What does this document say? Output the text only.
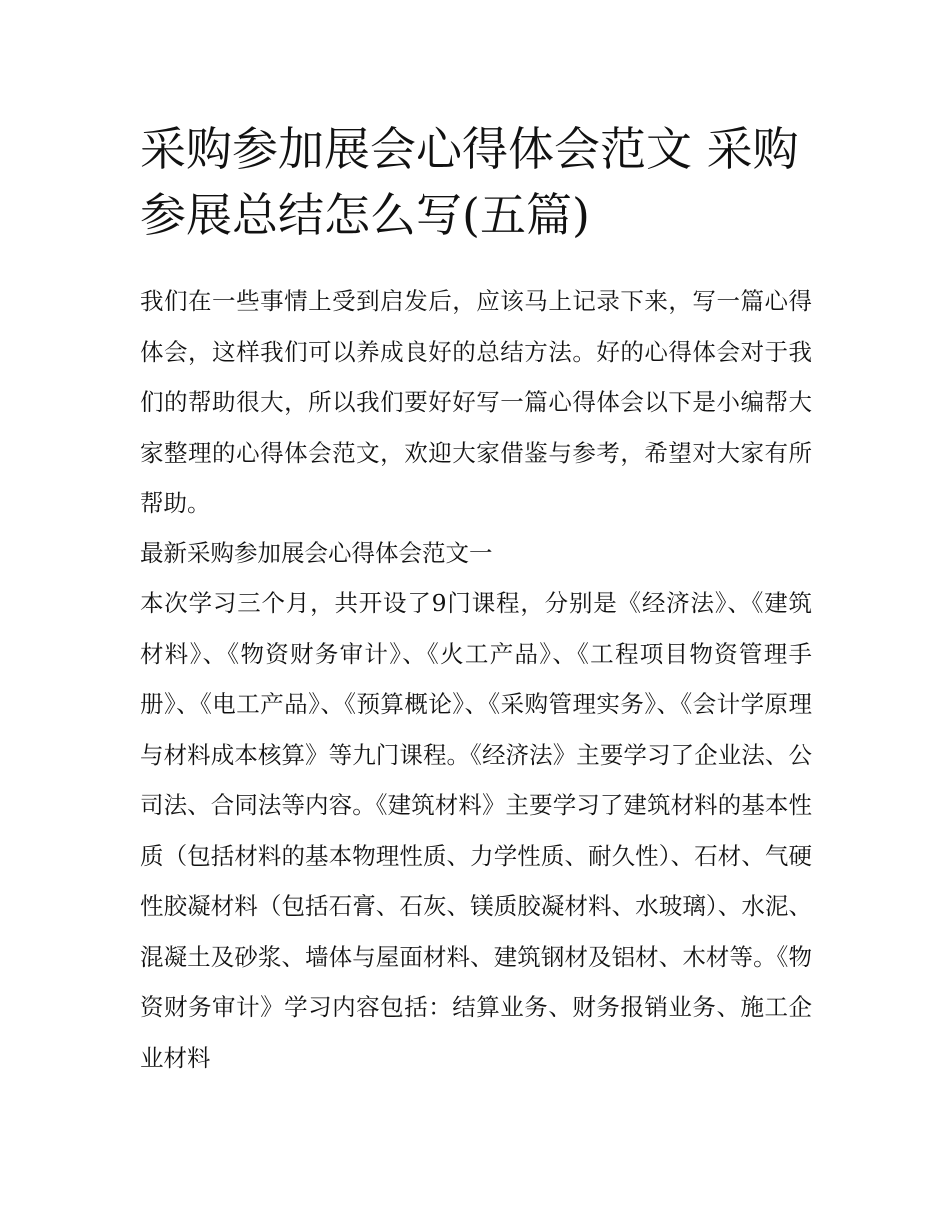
采购参加展会心得体会范文 采购参展总结怎么写(五篇)

我们在一些事情上受到启发后，应该马上记录下来，写一篇心得体会，这样我们可以养成良好的总结方法。好的心得体会对于我们的帮助很大，所以我们要好好写一篇心得体会以下是小编帮大家整理的心得体会范文，欢迎大家借鉴与参考，希望对大家有所帮助。

最新采购参加展会心得体会范文一

本次学习三个月，共开设了9门课程，分别是《经济法》、《建筑材料》、《物资财务审计》、《火工产品》、《工程项目物资管理手册》、《电工产品》、《预算概论》、《采购管理实务》、《会计学原理与材料成本核算》等九门课程。《经济法》主要学习了企业法、公司法、合同法等内容。《建筑材料》主要学习了建筑材料的基本性质（包括材料的基本物理性质、力学性质、耐久性）、石材、气硬性胶凝材料（包括石膏、石灰、镁质胶凝材料、水玻璃）、水泥、混凝土及砂浆、墙体与屋面材料、建筑钢材及铝材、木材等。《物资财务审计》学习内容包括：结算业务、财务报销业务、施工企业材料
